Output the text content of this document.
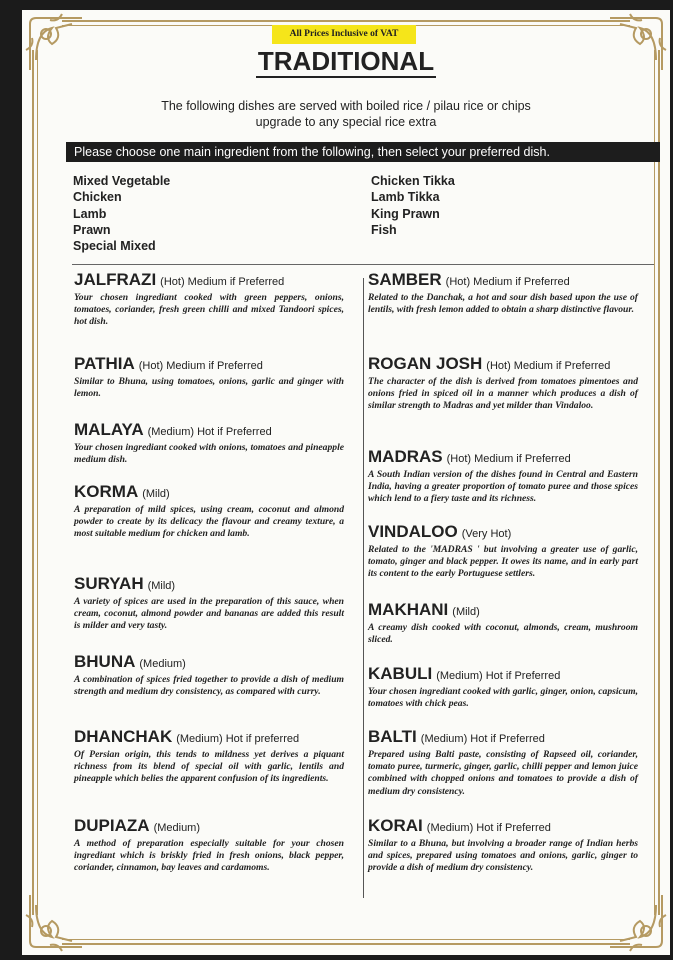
All Prices Inclusive of VAT
TRADITIONAL
The following dishes are served with boiled rice / pilau rice or chips
upgrade to any special rice extra
Please choose one main ingredient from the following, then select your preferred dish.
Mixed Vegetable
Chicken
Lamb
Prawn
Special Mixed
Chicken Tikka
Lamb Tikka
King Prawn
Fish
JALFRAZI (Hot) Medium if Preferred
Your chosen ingrediant cooked with green peppers, onions, tomatoes, coriander, fresh green chilli and mixed Tandoori spices, hot dish.
PATHIA (Hot) Medium if Preferred
Similar to Bhuna, using tomatoes, onions, garlic and ginger with lemon.
MALAYA (Medium) Hot if Preferred
Your chosen ingrediant cooked with onions, tomatoes and pineapple medium dish.
KORMA (Mild)
A preparation of mild spices, using cream, coconut and almond powder to create by its delicacy the flavour and creamy texture, a most suitable medium for chicken and lamb.
SURYAH (Mild)
A variety of spices are used in the preparation of this sauce, when cream, coconut, almond powder and bananas are added this result is milder and very tasty.
BHUNA (Medium)
A combination of spices fried together to provide a dish of medium strength and medium dry consistency, as compared with curry.
DHANCHAK (Medium) Hot if preferred
Of Persian origin, this tends to mildness yet derives a piquant richness from its blend of special oil with garlic, lentils and pineapple which belies the apparent confusion of its ingredients.
DUPIAZA (Medium)
A method of preparation especially suitable for your chosen ingrediant which is briskly fried in fresh onions, black pepper, coriander, cinnamon, bay leaves and cardamoms.
SAMBER (Hot) Medium if Preferred
Related to the Danchak, a hot and sour dish based upon the use of lentils, with fresh lemon added to obtain a sharp distinctive flavour.
ROGAN JOSH (Hot) Medium if Preferred
The character of the dish is derived from tomatoes pimentoes and onions fried in spiced oil in a manner which produces a dish of similar strength to Madras and yet milder than Vindaloo.
MADRAS (Hot) Medium if Preferred
A South Indian version of the dishes found in Central and Eastern India, having a greater proportion of tomato puree and those spices which lend to a fiery taste and its richness.
VINDALOO (Very Hot)
Related to the 'MADRAS ' but involving a greater use of garlic, tomato, ginger and black pepper. It owes its name, and in early part its content to the early Portuguese settlers.
MAKHANI (Mild)
A creamy dish cooked with coconut, almonds, cream, mushroom sliced.
KABULI (Medium) Hot if Preferred
Your chosen ingrediant cooked with garlic, ginger, onion, capsicum, tomatoes with chick peas.
BALTI (Medium) Hot if Preferred
Prepared using Balti paste, consisting of Rapseed oil, coriander, tomato puree, turmeric, ginger, garlic, chilli pepper and lemon juice combined with chopped onions and tomatoes to provide a dish of medium dry consistency.
KORAI (Medium) Hot if Preferred
Similar to a Bhuna, but involving a broader range of Indian herbs and spices, prepared using tomatoes and onions, garlic, ginger to provide a dish of medium dry consistency.
